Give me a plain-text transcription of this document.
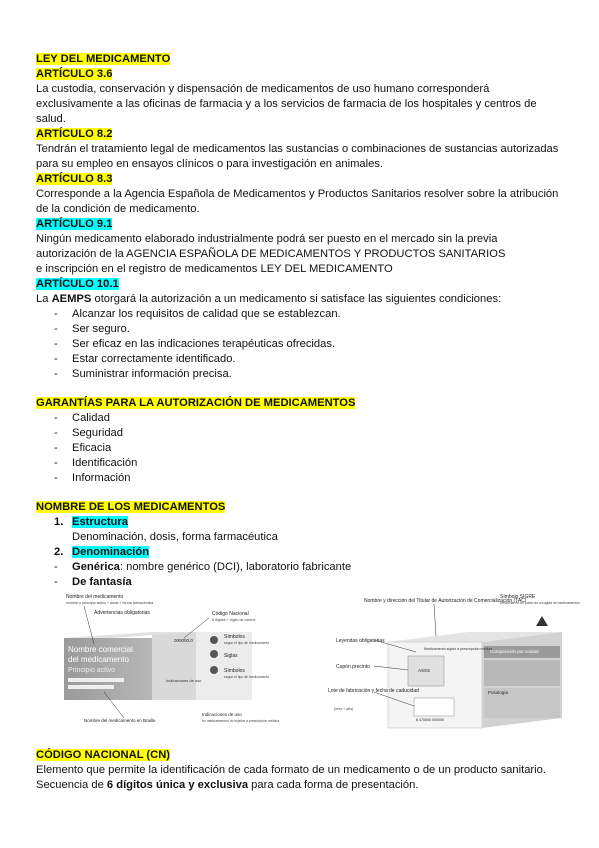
LEY DEL MEDICAMENTO
ARTÍCULO 3.6
La custodia, conservación y dispensación de medicamentos de uso humano corresponderá exclusivamente a las oficinas de farmacia y a los servicios de farmacia de los hospitales y centros de salud.
ARTÍCULO 8.2
Tendrán el tratamiento legal de medicamentos las sustancias o combinaciones de sustancias autorizadas para su empleo en ensayos clínicos o para investigación en animales.
ARTÍCULO 8.3
Corresponde a la Agencia Española de Medicamentos y Productos Sanitarios resolver sobre la atribución de la condición de medicamento.
ARTÍCULO 9.1
Ningún medicamento elaborado industrialmente podrá ser puesto en el mercado sin la previa
autorización de la AGENCIA ESPAÑOLA DE MEDICAMENTOS Y PRODUCTOS SANITARIOS
e inscripción en el registro de medicamentos LEY DEL MEDICAMENTO
ARTÍCULO 10.1
La AEMPS otorgará la autorización a un medicamento si satisface las siguientes condiciones:
- Alcanzar los requisitos de calidad que se establezcan.
- Ser seguro.
- Ser eficaz en las indicaciones terapéuticas ofrecidas.
- Estar correctamente identificado.
- Suministrar información precisa.
GARANTÍAS PARA LA AUTORIZACIÓN DE MEDICAMENTOS
- Calidad
- Seguridad
- Eficacia
- Identificación
- Información
NOMBRE DE LOS MEDICAMENTOS
1. Estructura
Denominación, dosis, forma farmacéutica
2. Denominación
- Genérica: nombre genérico (DCI), laboratorio fabricante
- De fantasía
Nombre del medicamento
nombre o principio activo + dosis + forma farmacéutica
Advertencias obligatorias	Código Nacional
6 dígitos + dígito de control
Nombre comercial
del medicamento
Principio activo
000000.0
Símbolos
según el tipo de medicamento
Siglas
Símbolos
según el tipo de medicamento
Indicaciones de uso
Nombre del medicamento en Braille
Indicaciones de uso
en medicamentos no sujetos a prescripción médica
Composición por unidad
Posología
ASSS
8 470000 000000
Nombre y dirección del Titular de Autorización de Comercialización (TAC)
Símbolo SIGRE
Desechar en un punto de recogida de medicamentos
Leyendas obligatorias
Cupón precinto
Lote de fabricación y fecha de caducidad
(mes + año)
Medicamento sujeto a prescripción médica
CÓDIGO NACIONAL (CN)
Elemento que permite la identificación de cada formato de un medicamento o de un producto sanitario.
Secuencia de 6 dígitos única y exclusiva para cada forma de presentación.
